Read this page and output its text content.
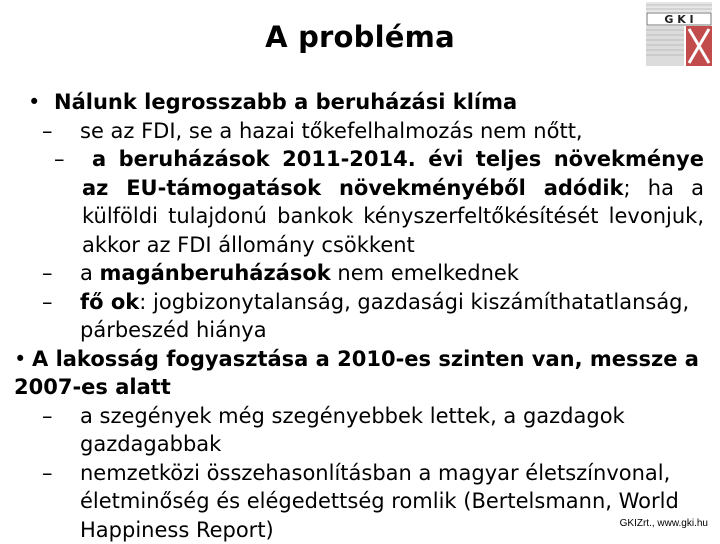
A probléma
G K I

• Nálunk legrosszabb a beruházási klíma

– se az FDI, se a hazai tőkefelhalmozás nem nőtt,

– a beruházások 2011-2014. évi teljes növekménye az EU-támogatások növekményéből adódik; ha a külföldi tulajdonú bankok kényszerfeltőkésítését levonjuk, akkor az FDI állomány csökkent

– a magánberuházások nem emelkednek

– fő ok: jogbizonytalanság, gazdasági kiszámíthatatlanság, párbeszéd hiánya

• A lakosság fogyasztása a 2010-es szinten van, messze a 2007-es alatt

– a szegények még szegényebbek lettek, a gazdagok gazdagabbak

– nemzetközi összehasonlításban a magyar életszínvonal, életminőség és elégedettség romlik (Bertelsmann, World Happiness Report)	GKIZrt., www.gki.hu
